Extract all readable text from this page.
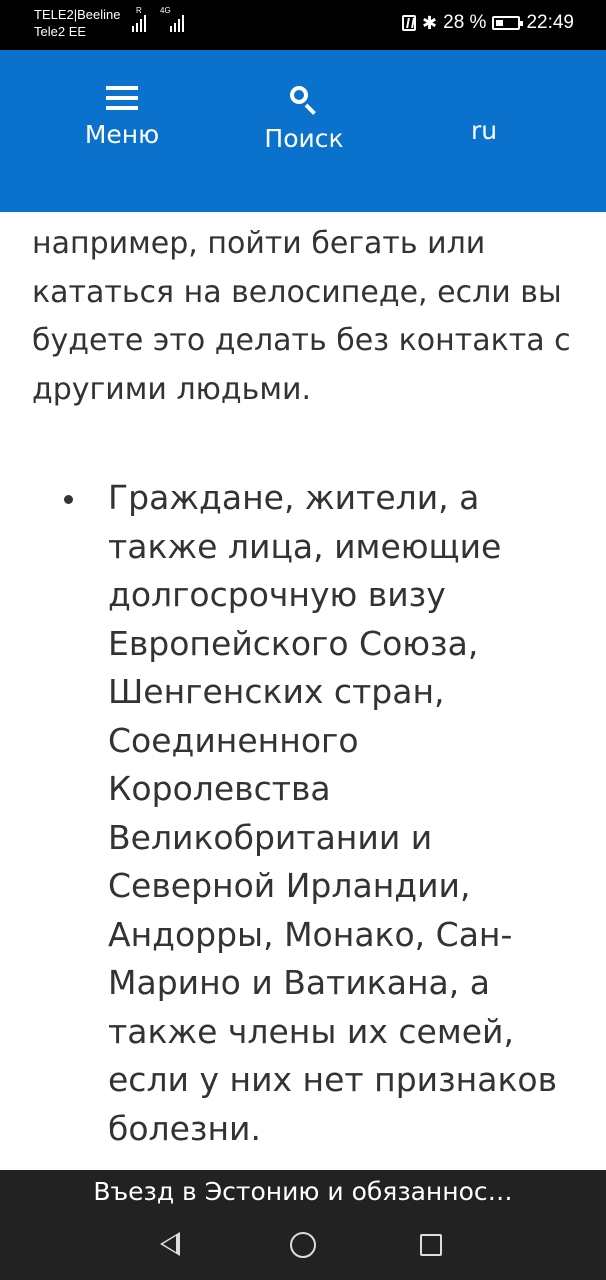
TELE2|Beeline
Tele2 EE
R 4G
✱ 28 % 22:49
Меню	Поиск	ru

например, пойти бегать или кататься на велосипеде, если вы будете это делать без контакта с другими людьми.

Граждане, жители, а также лица, имеющие долгосрочную визу Европейского Союза, Шенгенских стран, Соединенного Королевства Великобритании и Северной Ирландии, Андорры, Монако, Сан-Марино и Ватикана, а также члены их семей, если у них нет признаков болезни.

Въезд в Эстонию и обязаннос…
